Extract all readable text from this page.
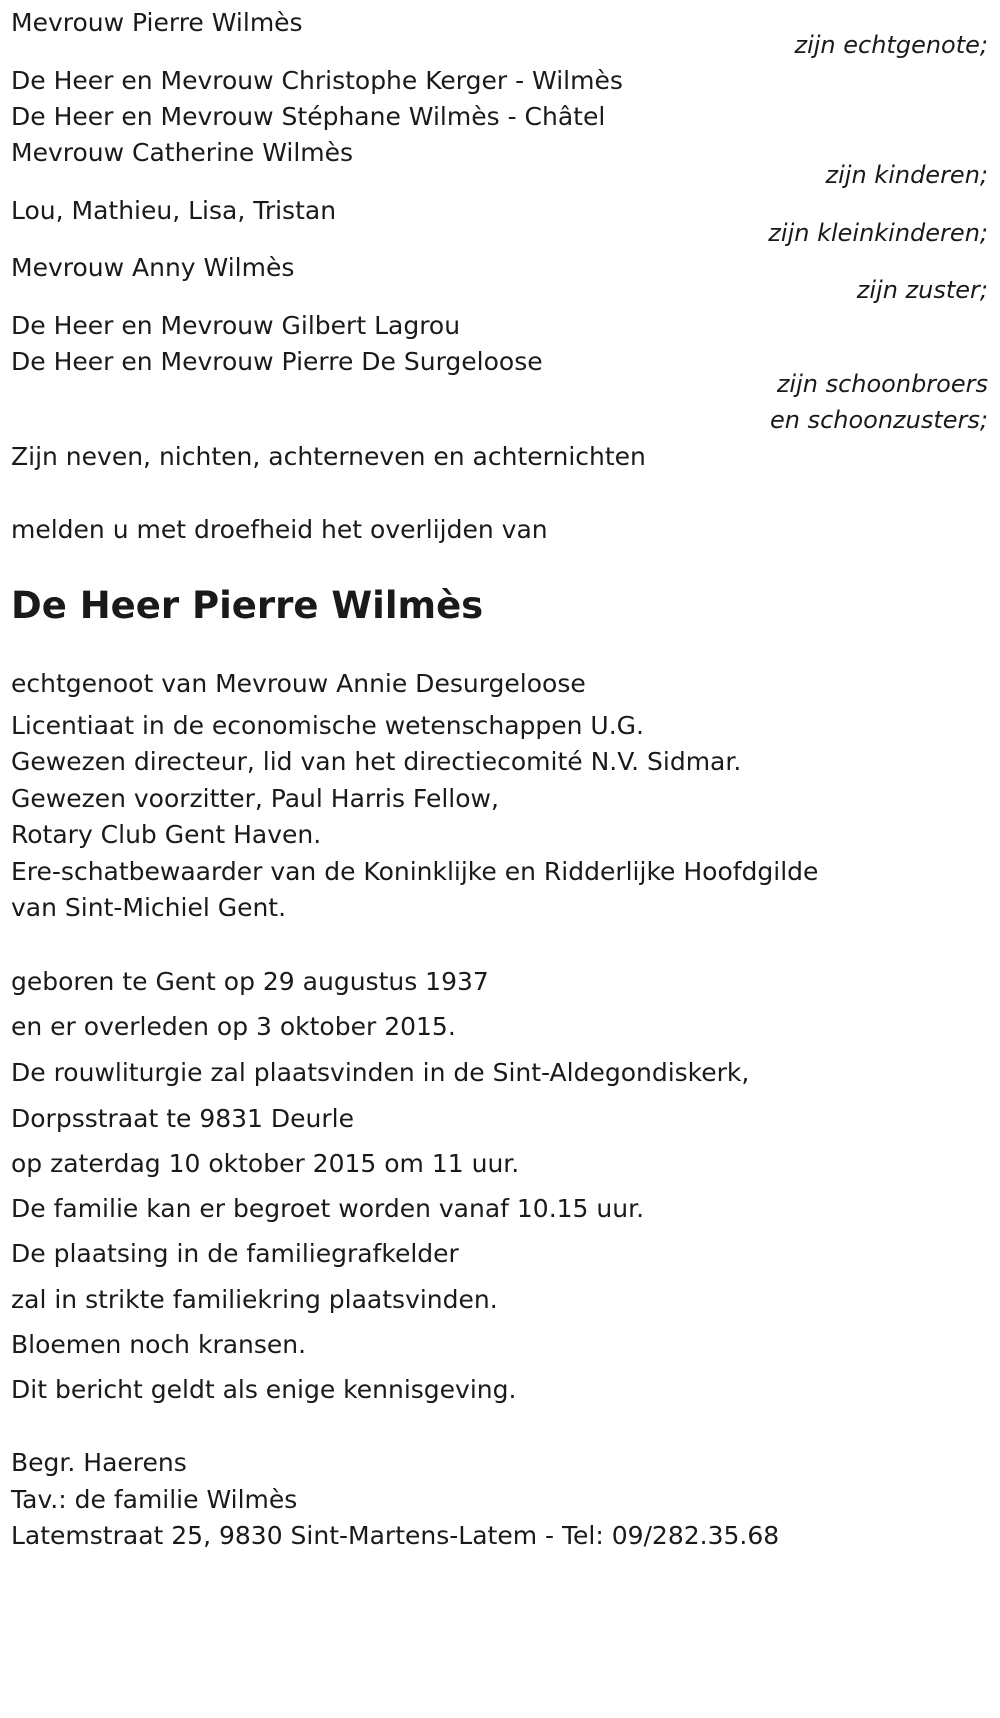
Mevrouw Pierre Wilmès
zijn echtgenote;
De Heer en Mevrouw Christophe Kerger - Wilmès
De Heer en Mevrouw Stéphane Wilmès - Châtel
Mevrouw Catherine Wilmès
zijn kinderen;
Lou, Mathieu, Lisa, Tristan
zijn kleinkinderen;
Mevrouw Anny Wilmès
zijn zuster;
De Heer en Mevrouw Gilbert Lagrou
De Heer en Mevrouw Pierre De Surgeloose
zijn schoonbroers
en schoonzusters;
Zijn neven, nichten, achterneven en achternichten
melden u met droefheid het overlijden van
De Heer Pierre Wilmès
echtgenoot van Mevrouw Annie Desurgeloose
Licentiaat in de economische wetenschappen U.G.
Gewezen directeur, lid van het directiecomité N.V. Sidmar.
Gewezen voorzitter, Paul Harris Fellow,
Rotary Club Gent Haven.
Ere-schatbewaarder van de Koninklijke en Ridderlijke Hoofdgilde
van Sint-Michiel Gent.
geboren te Gent op 29 augustus 1937
en er overleden op 3 oktober 2015.
De rouwliturgie zal plaatsvinden in de Sint-Aldegondiskerk,
Dorpsstraat te 9831 Deurle
op zaterdag 10 oktober 2015 om 11 uur.
De familie kan er begroet worden vanaf 10.15 uur.
De plaatsing in de familiegrafkelder
zal in strikte familiekring plaatsvinden.
Bloemen noch kransen.
Dit bericht geldt als enige kennisgeving.
Begr. Haerens
Tav.: de familie Wilmès
Latemstraat 25, 9830 Sint-Martens-Latem - Tel: 09/282.35.68
